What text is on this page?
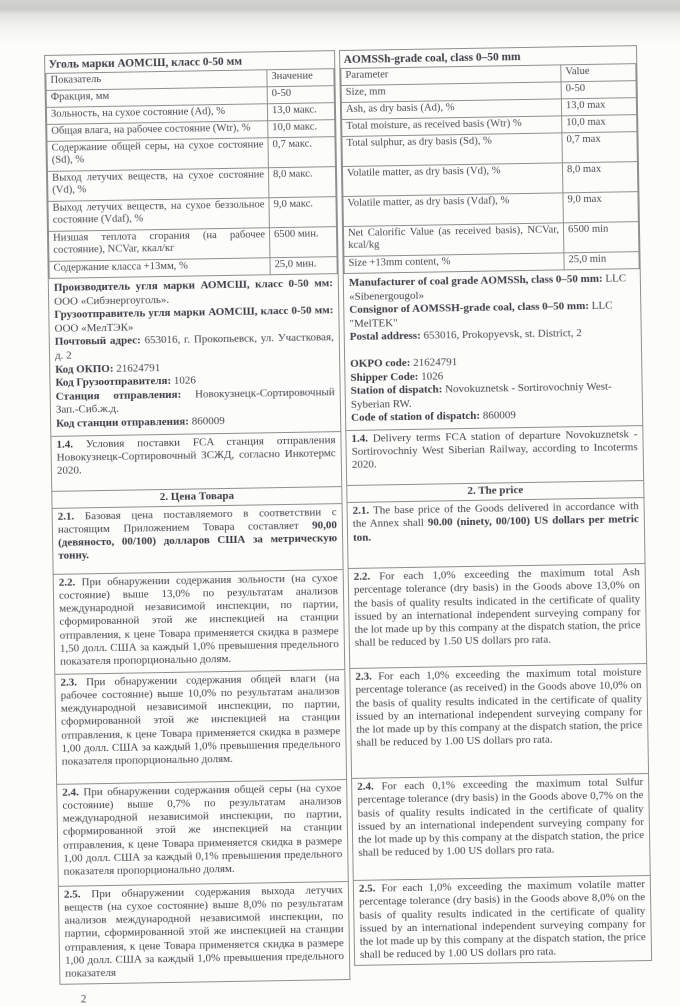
Уголь марки АОМСШ, класс 0-50 мм	
Показатель	Значение
Фракция, мм	0-50
Зольность, на сухое состояние (Ad), %	13,0 макс.
Общая влага, на рабочее состояние (Wtr), %	10,0 макс.
Содержание общей серы, на сухое состояние (Sd), %	0,7 макс.
Выход летучих веществ, на сухое состояние (Vd), %	8,0 макс.
Выход летучих веществ, на сухое беззольное состояние (Vdaf), %	9,0 макс.
Низшая теплота сгорания (на рабочее состояние), NCVar, ккал/кг	6500 мин.
Содержание класса +13мм, %	25,0 мин.
Производитель угля марки АОМСШ, класс 0-50 мм: ООО «Сибэнергоуголь».
Грузоотправитель угля марки АОМСШ, класс 0-50 мм: ООО «МелТЭК»
Почтовый адрес: 653016, г. Прокопьевск, ул. Участковая, д. 2
Код ОКПО: 21624791
Код Грузоотправителя: 1026
Станция отправления: Новокузнецк-Сортировочный Зап.-Сиб.ж.д.
Код станции отправления: 860009
1.4. Условия поставки FCA станция отправления Новокузнецк-Сортировочный ЗСЖД, согласно Инкотермс 2020.
2. Цена Товара
2.1. Базовая цена поставляемого в соответствии с настоящим Приложением Товара составляет 90,00 (девяносто, 00/100) долларов США за метрическую тонну.
2.2. При обнаружении содержания зольности (на сухое состояние) выше 13,0% по результатам анализов международной независимой инспекции, по партии, сформированной этой же инспекцией на станции отправления, к цене Товара применяется скидка в размере 1,50 долл. США за каждый 1,0% превышения предельного показателя пропорционально долям.
2.3. При обнаружении содержания общей влаги (на рабочее состояние) выше 10,0% по результатам анализов международной независимой инспекции, по партии, сформированной этой же инспекцией на станции отправления, к цене Товара применяется скидка в размере 1,00 долл. США за каждый 1,0% превышения предельного показателя пропорционально долям.
2.4. При обнаружении содержания общей серы (на сухое состояние) выше 0,7% по результатам анализов международной независимой инспекции, по партии, сформированной этой же инспекцией на станции отправления, к цене Товара применяется скидка в размере 1,00 долл. США за каждый 0,1% превышения предельного показателя пропорционально долям.
2.5. При обнаружении содержания выхода летучих веществ (на сухое состояние) выше 8,0% по результатам анализов международной независимой инспекции, по партии, сформированной этой же инспекцией на станции отправления, к цене Товара применяется скидка в размере 1,00 долл. США за каждый 1,0% превышения предельного показателя
AOMSSh-grade coal, class 0–50 mm	
Parameter	Value
Size, mm	0-50
Ash, as dry basis (Ad), %	13,0 max
Total moisture, as received basis (Wtr) %	10,0 max
Total sulphur, as dry basis (Sd), %	0,7 max
Volatile matter, as dry basis (Vd), %	8,0 max
Volatile matter, as dry basis (Vdaf), %	9,0 max
Net Calorific Value (as received basis), NCVar, kcal/kg	6500 min
Size +13mm content, %	25,0 min
Manufacturer of coal grade AOMSSh, class 0–50 mm: LLC «Sibenergougol»
Consignor of AOMSSH-grade coal, class 0–50 mm: LLC "MelTEK"
Postal address: 653016, Prokopyevsk, st. District, 2
OKPO code: 21624791
Shipper Code: 1026
Station of dispatch: Novokuznetsk - Sortirovochniy West-Syberian RW.
Code of station of dispatch: 860009
1.4. Delivery terms FCA station of departure Novokuznetsk - Sortirovochniy West Siberian Railway, according to Incoterms 2020.
2. The price
2.1. The base price of the Goods delivered in accordance with the Annex shall 90.00 (ninety, 00/100) US dollars per metric ton.
2.2. For each 1,0% exceeding the maximum total Ash percentage tolerance (dry basis) in the Goods above 13,0% on the basis of quality results indicated in the certificate of quality issued by an international independent surveying company for the lot made up by this company at the dispatch station, the price shall be reduced by 1.50 US dollars pro rata.
2.3. For each 1,0% exceeding the maximum total moisture percentage tolerance (as received) in the Goods above 10,0% on the basis of quality results indicated in the certificate of quality issued by an international independent surveying company for the lot made up by this company at the dispatch station, the price shall be reduced by 1.00 US dollars pro rata.
2.4. For each 0,1% exceeding the maximum total Sulfur percentage tolerance (dry basis) in the Goods above 0,7% on the basis of quality results indicated in the certificate of quality issued by an international independent surveying company for the lot made up by this company at the dispatch station, the price shall be reduced by 1.00 US dollars pro rata.
2.5. For each 1,0% exceeding the maximum volatile matter percentage tolerance (dry basis) in the Goods above 8,0% on the basis of quality results indicated in the certificate of quality issued by an international independent surveying company for the lot made up by this company at the dispatch station, the price shall be reduced by 1.00 US dollars pro rata.
2
